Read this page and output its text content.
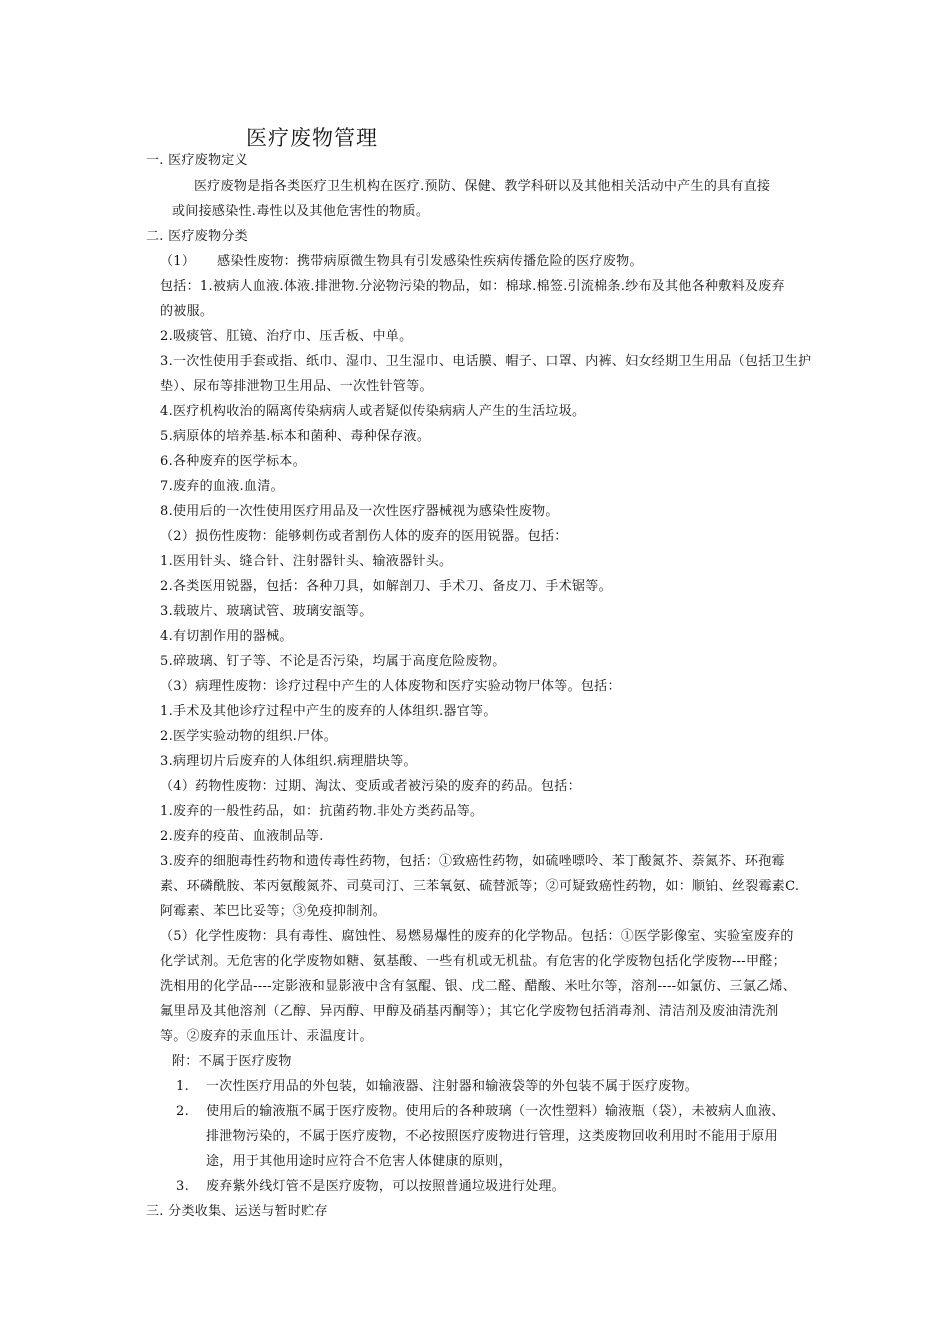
医疗废物管理
一. 医疗废物定义
医疗废物是指各类医疗卫生机构在医疗.预防、保健、教学科研以及其他相关活动中产生的具有直接
或间接感染性.毒性以及其他危害性的物质。
二. 医疗废物分类
（1） 感染性废物：携带病原微生物具有引发感染性疾病传播危险的医疗废物。
包括：1.被病人血液.体液.排泄物.分泌物污染的物品，如：棉球.棉签.引流棉条.纱布及其他各种敷料及废弃
的被服。
2.吸痰管、肛镜、治疗巾、压舌板、中单。
3.一次性使用手套或指、纸巾、湿巾、卫生湿巾、电话膜、帽子、口罩、内裤、妇女经期卫生用品（包括卫生护
垫）、尿布等排泄物卫生用品、一次性针管等。
4.医疗机构收治的隔离传染病病人或者疑似传染病病人产生的生活垃圾。
5.病原体的培养基.标本和菌种、毒种保存液。
6.各种废弃的医学标本。
7.废弃的血液.血清。
8.使用后的一次性使用医疗用品及一次性医疗器械视为感染性废物。
（2）损伤性废物：能够刺伤或者割伤人体的废弃的医用锐器。包括：
1.医用针头、缝合针、注射器针头、输液器针头。
2.各类医用锐器，包括：各种刀具，如解剖刀、手术刀、备皮刀、手术锯等。
3.载玻片、玻璃试管、玻璃安瓿等。
4.有切割作用的器械。
5.碎玻璃、钉子等、不论是否污染，均属于高度危险废物。
（3）病理性废物：诊疗过程中产生的人体废物和医疗实验动物尸体等。包括：
1.手术及其他诊疗过程中产生的废弃的人体组织.器官等。
2.医学实验动物的组织.尸体。
3.病理切片后废弃的人体组织.病理腊块等。
（4）药物性废物：过期、淘汰、变质或者被污染的废弃的药品。包括：
1.废弃的一般性药品，如：抗菌药物.非处方类药品等。
2.废弃的疫苗、血液制品等.
3.废弃的细胞毒性药物和遗传毒性药物，包括：①致癌性药物，如硫唑嘌呤、苯丁酸氮芥、萘氮芥、环孢霉
素、环磷酰胺、苯丙氨酸氮芥、司莫司汀、三苯氧氨、硫替派等；②可疑致癌性药物，如：顺铂、丝裂霉素C.
阿霉素、苯巴比妥等；③免疫抑制剂。
（5）化学性废物：具有毒性、腐蚀性、易燃易爆性的废弃的化学物品。包括：①医学影像室、实验室废弃的
化学试剂。无危害的化学废物如糖、氨基酸、一些有机或无机盐。有危害的化学废物包括化学废物---甲醛；
洗相用的化学品----定影液和显影液中含有氢醌、银、戊二醛、醋酸、米吐尔等，溶剂----如氯仿、三氯乙烯、
氟里昂及其他溶剂（乙醇、异丙醇、甲醇及硝基丙酮等）；其它化学废物包括消毒剂、清洁剂及废油清洗剂
等。②废弃的汞血压计、汞温度计。
附：不属于医疗废物
1. 一次性医疗用品的外包装，如输液器、注射器和输液袋等的外包装不属于医疗废物。
2. 使用后的输液瓶不属于医疗废物。使用后的各种玻璃（一次性塑料）输液瓶（袋），未被病人血液、
排泄物污染的，不属于医疗废物，不必按照医疗废物进行管理，这类废物回收利用时不能用于原用
途，用于其他用途时应符合不危害人体健康的原则，
3. 废弃紫外线灯管不是医疗废物，可以按照普通垃圾进行处理。
三. 分类收集、运送与暂时贮存
